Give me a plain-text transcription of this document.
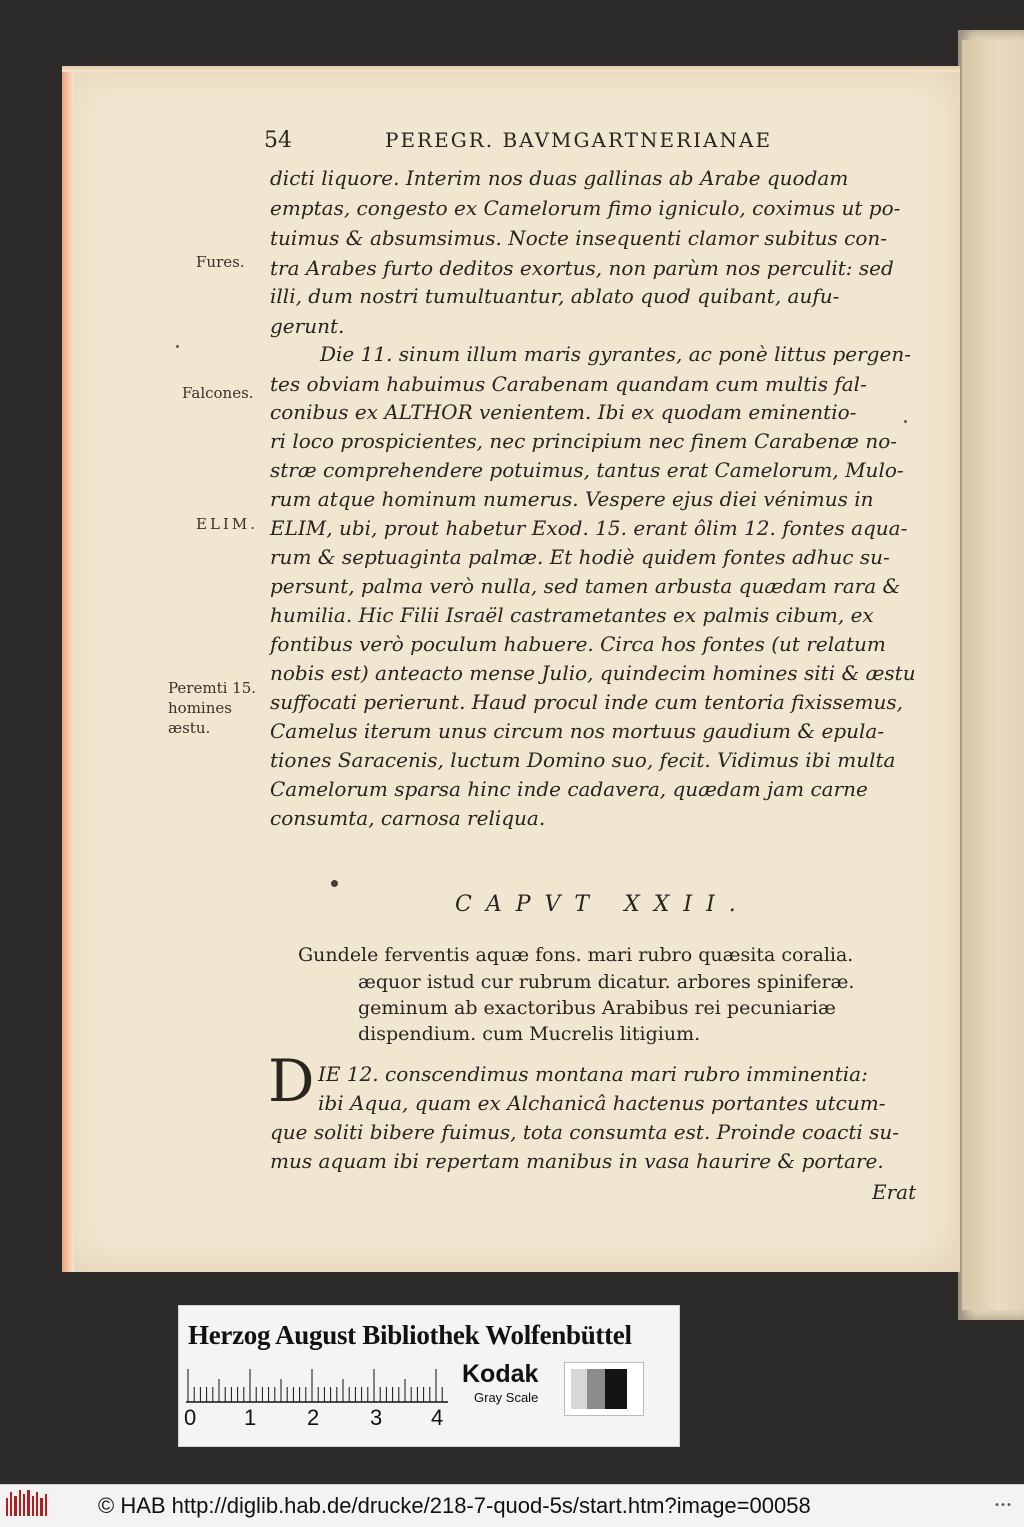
54	PEREGR. BAVMGARTNERIANAE
dicti liquore. Interim nos duas gallinas ab Arabe quodam
emptas, congesto ex Camelorum fimo igniculo, coximus ut po-
tuimus & absumsimus. Nocte insequenti clamor subitus con-
tra Arabes furto deditos exortus, non parùm nos perculit: sed
illi, dum nostri tumultuantur, ablato quod quibant, aufu-
gerunt.
Die 11. sinum illum maris gyrantes, ac ponè littus pergen-
tes obviam habuimus Carabenam quandam cum multis fal-
conibus ex ALTHOR venientem. Ibi ex quodam eminentio-
ri loco prospicientes, nec principium nec finem Carabenæ no-
stræ comprehendere potuimus, tantus erat Camelorum, Mulo-
rum atque hominum numerus. Vespere ejus diei vénimus in
ELIM, ubi, prout habetur Exod. 15. erant ôlim 12. fontes aqua-
rum & septuaginta palmæ. Et hodiè quidem fontes adhuc su-
persunt, palma verò nulla, sed tamen arbusta quædam rara &
humilia. Hic Filii Israël castrametantes ex palmis cibum, ex
fontibus verò poculum habuere. Circa hos fontes (ut relatum
nobis est) anteacto mense Julio, quindecim homines siti & æstu
suffocati perierunt. Haud procul inde cum tentoria fixissemus,
Camelus iterum unus circum nos mortuus gaudium & epula-
tiones Saracenis, luctum Domino suo, fecit. Vidimus ibi multa
Camelorum sparsa hinc inde cadavera, quædam jam carne
consumta, carnosa reliqua.
Fures.
Falcones.
ELIM.
Peremti 15.
homines
æstu.
CAPVT XXII.
Gundele ferventis aquæ fons. mari rubro quæsita coralia.
æquor istud cur rubrum dicatur. arbores spiniferæ.
geminum ab exactoribus Arabibus rei pecuniariæ
dispendium. cum Mucrelis litigium.
D IE 12. conscendimus montana mari rubro imminentia:
ibi Aqua, quam ex Alchanicâ hactenus portantes utcum-
que soliti bibere fuimus, tota consumta est. Proinde coacti su-
mus aquam ibi repertam manibus in vasa haurire & portare.
Erat
Herzog August Bibliothek Wolfenbüttel
0 1 2 3 4
Kodak
Gray Scale
© HAB http://diglib.hab.de/drucke/218-7-quod-5s/start.htm?image=00058	•••
